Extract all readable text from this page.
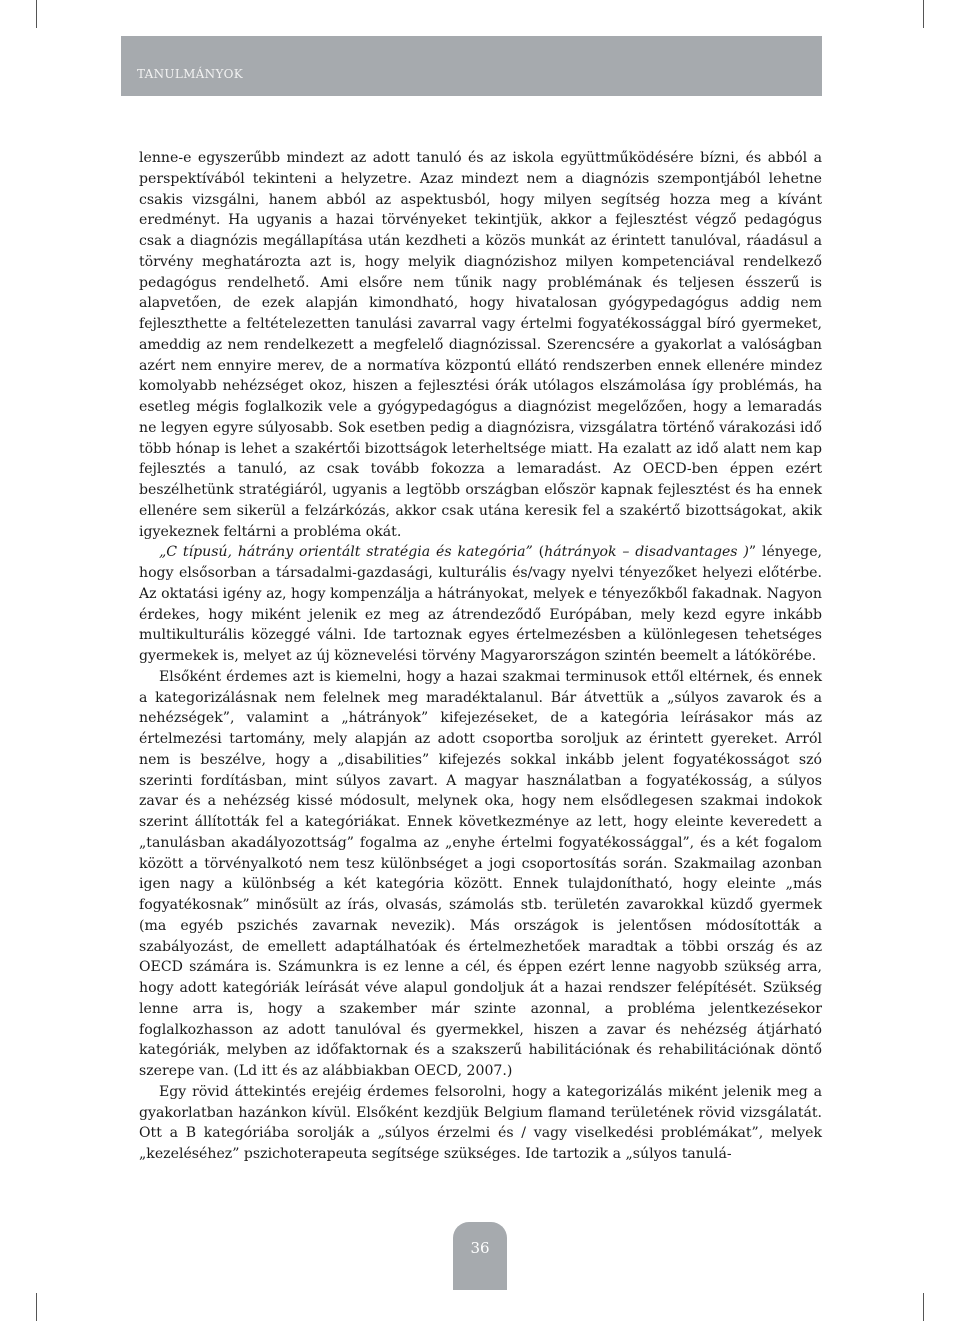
TANULMÁNYOK

lenne-e egyszerűbb mindezt az adott tanuló és az iskola együttműködésére bízni, és abból a perspektívából tekinteni a helyzetre. Azaz mindezt nem a diagnózis szempontjából lehetne csakis vizsgálni, hanem abból az aspektusból, hogy milyen segítség hozza meg a kívánt eredményt. Ha ugyanis a hazai törvényeket tekintjük, akkor a fejlesztést végző pedagógus csak a diagnózis megállapítása után kezdheti a közös munkát az érintett tanulóval, ráadásul a törvény meghatározta azt is, hogy melyik diagnózishoz milyen kompetenciával rendelkező pedagógus rendelhető. Ami elsőre nem tűnik nagy problémának és teljesen ésszerű is alapvetően, de ezek alapján kimondható, hogy hivatalosan gyógypedagógus addig nem fejleszthette a feltételezetten tanulási zavarral vagy értelmi fogyatékossággal bíró gyermeket, ameddig az nem rendelkezett a megfelelő diagnózissal. Szerencsére a gyakorlat a valóságban azért nem ennyire merev, de a normatíva központú ellátó rendszerben ennek ellenére mindez komolyabb nehézséget okoz, hiszen a fejlesztési órák utólagos elszámolása így problémás, ha esetleg mégis foglalkozik vele a gyógypedagógus a diagnózist megelőzően, hogy a lemaradás ne legyen egyre súlyosabb. Sok esetben pedig a diagnózisra, vizsgálatra történő várakozási idő több hónap is lehet a szakértői bizottságok leterheltsége miatt. Ha ezalatt az idő alatt nem kap fejlesztés a tanuló, az csak tovább fokozza a lemaradást. Az OECD-ben éppen ezért beszélhetünk stratégiáról, ugyanis a legtöbb országban először kapnak fejlesztést és ha ennek ellenére sem sikerül a felzárkózás, akkor csak utána keresik fel a szakértő bizottságokat, akik igyekeznek feltárni a probléma okát.

„C típusú, hátrány orientált stratégia és kategória” (hátrányok – disadvantages )” lényege, hogy elsősorban a társadalmi-gazdasági, kulturális és/vagy nyelvi tényezőket helyezi előtérbe. Az oktatási igény az, hogy kompenzálja a hátrányokat, melyek e tényezőkből fakadnak. Nagyon érdekes, hogy miként jelenik ez meg az átrendeződő Európában, mely kezd egyre inkább multikulturális közeggé válni. Ide tartoznak egyes értelmezésben a különlegesen tehetséges gyermekek is, melyet az új köznevelési törvény Magyarországon szintén beemelt a látókörébe.

Elsőként érdemes azt is kiemelni, hogy a hazai szakmai terminusok ettől eltérnek, és ennek a kategorizálásnak nem felelnek meg maradéktalanul. Bár átvettük a „súlyos zavarok és a nehézségek”, valamint a „hátrányok” kifejezéseket, de a kategória leírásakor más az értelmezési tartomány, mely alapján az adott csoportba soroljuk az érintett gyereket. Arról nem is beszélve, hogy a „disabilities” kifejezés sokkal inkább jelent fogyatékosságot szó szerinti fordításban, mint súlyos zavart. A magyar használatban a fogyatékosság, a súlyos zavar és a nehézség kissé módosult, melynek oka, hogy nem elsődlegesen szakmai indokok szerint állították fel a kategóriákat. Ennek következménye az lett, hogy eleinte keveredett a „tanulásban akadályozottság” fogalma az „enyhe értelmi fogyatékossággal”, és a két fogalom között a törvényalkotó nem tesz különbséget a jogi csoportosítás során. Szakmailag azonban igen nagy a különbség a két kategória között. Ennek tulajdonítható, hogy eleinte „más fogyatékosnak” minősült az írás, olvasás, számolás stb. területén zavarokkal küzdő gyermek (ma egyéb pszichés zavarnak nevezik). Más országok is jelentősen módosították a szabályozást, de emellett adaptálhatóak és értelmezhetőek maradtak a többi ország és az OECD számára is. Számunkra is ez lenne a cél, és éppen ezért lenne nagyobb szükség arra, hogy adott kategóriák leírását véve alapul gondoljuk át a hazai rendszer felépítését. Szükség lenne arra is, hogy a szakember már szinte azonnal, a probléma jelentkezésekor foglalkozhasson az adott tanulóval és gyermekkel, hiszen a zavar és nehézség átjárható kategóriák, melyben az időfaktornak és a szakszerű habilitációnak és rehabilitációnak döntő szerepe van. (Ld itt és az alábbiakban OECD, 2007.)

Egy rövid áttekintés erejéig érdemes felsorolni, hogy a kategorizálás miként jelenik meg a gyakorlatban hazánkon kívül. Elsőként kezdjük Belgium flamand területének rövid vizsgálatát. Ott a B kategóriába sorolják a „súlyos érzelmi és / vagy viselkedési problémákat”, melyek „kezeléséhez” pszichoterapeuta segítsége szükséges. Ide tartozik a „súlyos tanulá-

36
